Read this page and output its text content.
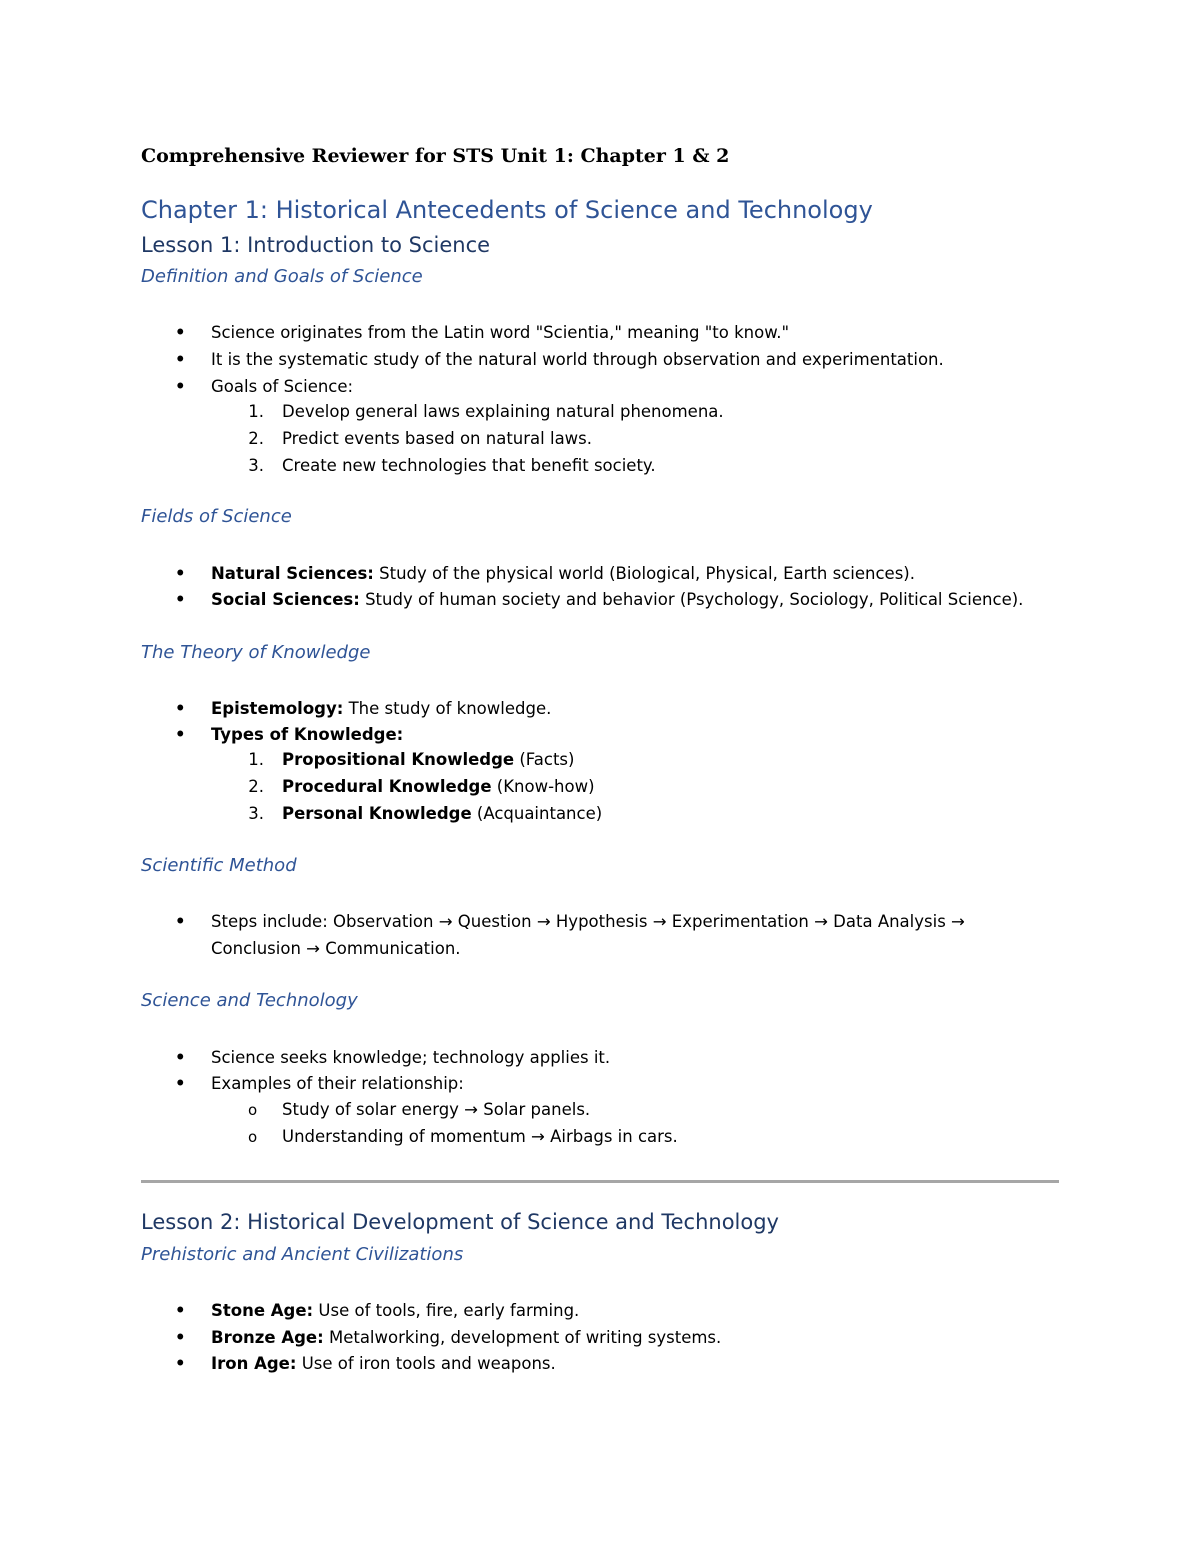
Comprehensive Reviewer for STS Unit 1: Chapter 1 & 2
Chapter 1: Historical Antecedents of Science and Technology
Lesson 1: Introduction to Science
Definition and Goals of Science
• Science originates from the Latin word "Scientia," meaning "to know."
• It is the systematic study of the natural world through observation and experimentation.
• Goals of Science:
1. Develop general laws explaining natural phenomena.
2. Predict events based on natural laws.
3. Create new technologies that benefit society.
Fields of Science
• Natural Sciences: Study of the physical world (Biological, Physical, Earth sciences).
• Social Sciences: Study of human society and behavior (Psychology, Sociology, Political Science).
The Theory of Knowledge
• Epistemology: The study of knowledge.
• Types of Knowledge:
1. Propositional Knowledge (Facts)
2. Procedural Knowledge (Know-how)
3. Personal Knowledge (Acquaintance)
Scientific Method
• Steps include: Observation → Question → Hypothesis → Experimentation → Data Analysis →
Conclusion → Communication.
Science and Technology
• Science seeks knowledge; technology applies it.
• Examples of their relationship:
o Study of solar energy → Solar panels.
o Understanding of momentum → Airbags in cars.
Lesson 2: Historical Development of Science and Technology
Prehistoric and Ancient Civilizations
• Stone Age: Use of tools, fire, early farming.
• Bronze Age: Metalworking, development of writing systems.
• Iron Age: Use of iron tools and weapons.
